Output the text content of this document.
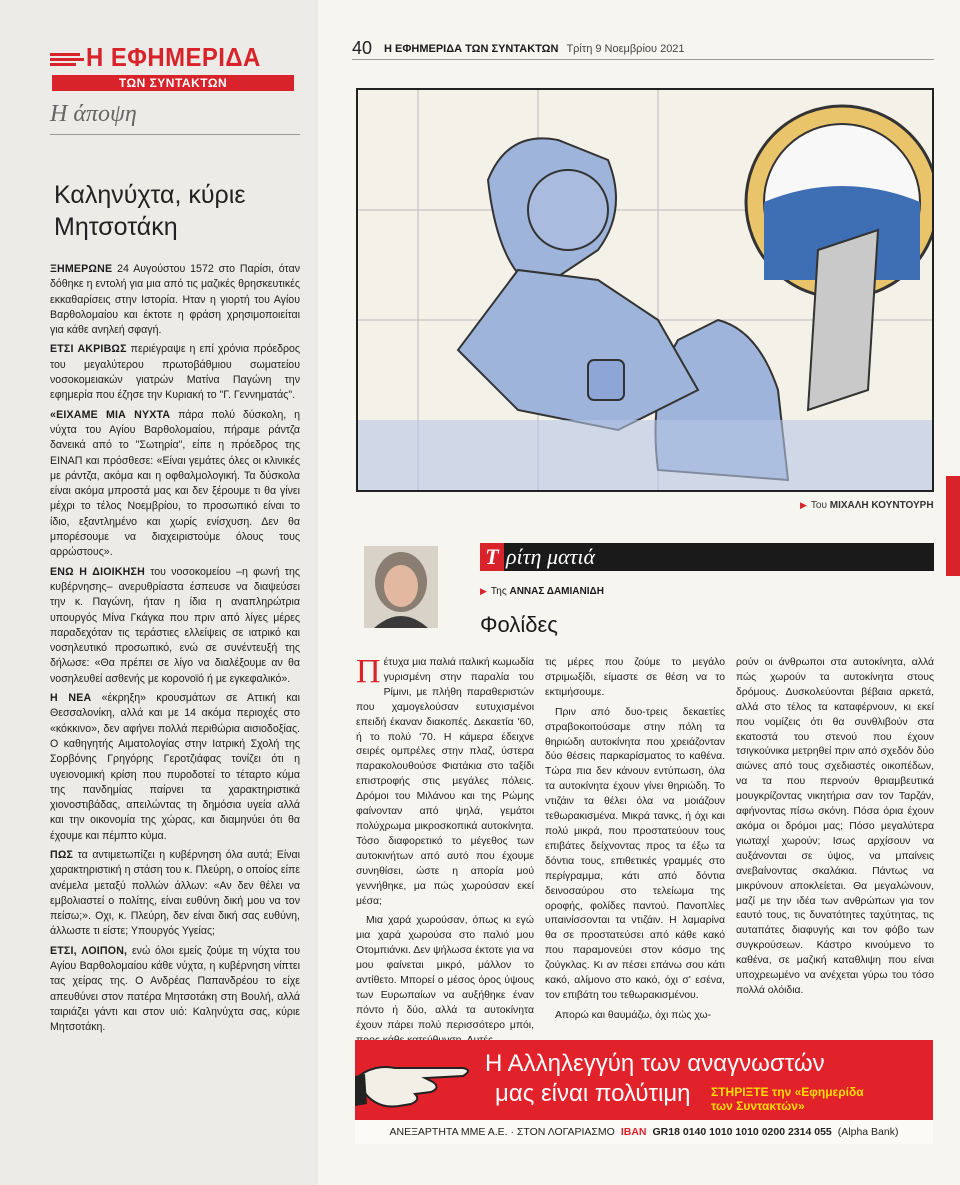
Η ΕΦΗΜΕΡΙΔΑ
ΤΩΝ ΣΥΝΤΑΚΤΩΝ
Η άποψη
Καληνύχτα, κύριε Μητσοτάκη

ΞΗΜΕΡΩΝΕ 24 Αυγούστου 1572 στο Παρίσι, όταν δόθηκε η εντολή για μια από τις μαζικές θρησκευτικές εκκαθαρίσεις στην Ιστορία. Ηταν η γιορτή του Αγίου Βαρθολομαίου και έκτοτε η φράση χρησιμοποιείται για κάθε ανηλεή σφαγή.

ΕΤΣΙ ΑΚΡΙΒΩΣ περιέγραψε η επί χρόνια πρόεδρος του μεγαλύτερου πρωτοβάθμιου σωματείου νοσοκομειακών γιατρών Ματίνα Παγώνη την εφημερία που έζησε την Κυριακή το "Γ. Γεννηματάς".

«ΕΙΧΑΜΕ ΜΙΑ ΝΥΧΤΑ πάρα πολύ δύσκολη, η νύχτα του Αγίου Βαρθολομαίου, πήραμε ράντζα δανεικά από το "Σωτηρία", είπε η πρόεδρος της ΕΙΝΑΠ και πρόσθεσε: «Είναι γεμάτες όλες οι κλινικές με ράντζα, ακόμα και η οφθαλμολογική. Τα δύσκολα είναι ακόμα μπροστά μας και δεν ξέρουμε τι θα γίνει μέχρι το τέλος Νοεμβρίου, το προσωπικό είναι το ίδιο, εξαντλημένο και χωρίς ενίσχυση. Δεν θα μπορέσουμε να διαχειριστούμε όλους τους αρρώστους».

ΕΝΩ Η ΔΙΟΙΚΗΣΗ του νοσοκομείου –η φωνή της κυβέρνησης– ανερυθρίαστα έσπευσε να διαψεύσει την κ. Παγώνη, ήταν η ίδια η αναπληρώτρια υπουργός Μίνα Γκάγκα που πριν από λίγες μέρες παραδεχόταν τις τεράστιες ελλείψεις σε ιατρικό και νοσηλευτικό προσωπικό, ενώ σε συνέντευξή της δήλωσε: «Θα πρέπει σε λίγο να διαλέξουμε αν θα νοσηλευθεί ασθενής με κορονοϊό ή με εγκεφαλικό».

Η ΝΕΑ «έκρηξη» κρουσμάτων σε Αττική και Θεσσαλονίκη, αλλά και με 14 ακόμα περιοχές στο «κόκκινο», δεν αφήνει πολλά περιθώρια αισιοδοξίας. Ο καθηγητής Αιματολογίας στην Ιατρική Σχολή της Σορβόνης Γρηγόρης Γεροτζιάφας τονίζει ότι η υγειονομική κρίση που πυροδοτεί το τέταρτο κύμα της πανδημίας παίρνει τα χαρακτηριστικά χιονοστιβάδας, απειλώντας τη δημόσια υγεία αλλά και την οικονομία της χώρας, και διαμηνύει ότι θα έχουμε και πέμπτο κύμα.

ΠΩΣ τα αντιμετωπίζει η κυβέρνηση όλα αυτά; Είναι χαρακτηριστική η στάση του κ. Πλεύρη, ο οποίος είπε ανέμελα μεταξύ πολλών άλλων: «Αν δεν θέλει να εμβολιαστεί ο πολίτης, είναι ευθύνη δική μου να τον πείσω;». Οχι, κ. Πλεύρη, δεν είναι δική σας ευθύνη, άλλωστε τι είστε; Υπουργός Υγείας;

ΕΤΣΙ, ΛΟΙΠΟΝ, ενώ όλοι εμείς ζούμε τη νύχτα του Αγίου Βαρθολομαίου κάθε νύχτα, η κυβέρνηση νίπτει τας χείρας της. Ο Ανδρέας Παπανδρέου το είχε απευθύνει στον πατέρα Μητσοτάκη στη Βουλή, αλλά ταιριάζει γάντι και στον υιό: Καληνύχτα σας, κύριε Μητσοτάκη.

40 Η ΕΦΗΜΕΡΙΔΑ ΤΩΝ ΣΥΝΤΑΚΤΩΝ Τρίτη 9 Νοεμβρίου 2021
▶ Του ΜΙΧΑΛΗ ΚΟΥΝΤΟΥΡΗ
Τ ρίτη ματιά
▶ Της ΑΝΝΑΣ ΔΑΜΙΑΝΙΔΗ
Φολίδες

Πέτυχα μια παλιά ιταλική κωμωδία γυρισμένη στην παραλία του Ρίμινι, με πλήθη παραθεριστών που χαμογελούσαν ευτυχισμένοι επειδή έκαναν διακοπές. Δεκαετία '60, ή το πολύ '70. Η κάμερα έδειχνε σειρές ομπρέλες στην πλαζ, ύστερα παρακολουθούσε Φιατάκια στο ταξίδι επιστροφής στις μεγάλες πόλεις. Δρόμοι του Μιλάνου και της Ρώμης φαίνονταν από ψηλά, γεμάτοι πολύχρωμα μικροσκοπικά αυτοκίνητα. Τόσο διαφορετικό το μέγεθος των αυτοκινήτων από αυτό που έχουμε συνηθίσει, ώστε η απορία μού γεννήθηκε, μα πώς χωρούσαν εκεί μέσα;

Μια χαρά χωρούσαν, όπως κι εγώ μια χαρά χωρούσα στο παλιό μου Οτομπιάνκι. Δεν ψήλωσα έκτοτε για να μου φαίνεται μικρό, μάλλον το αντίθετο. Μπορεί ο μέσος όρος ύψους των Ευρωπαίων να αυξήθηκε έναν πόντο ή δύο, αλλά τα αυτοκίνητα έχουν πάρει πολύ περισσότερο μπόι,

τις μέρες που ζούμε το μεγάλο στριμωξίδι, είμαστε σε θέση να το εκτιμήσουμε.

Πριν από δυο-τρεις δεκαετίες στραβοκοιτούσαμε στην πόλη τα θηριώδη αυτοκίνητα που χρειάζονταν δύο θέσεις παρκαρίσματος το καθένα. Τώρα πια δεν κάνουν εντύπωση, όλα τα αυτοκίνητα έχουν γίνει θηριώδη. Το ντιζάιν τα θέλει όλα να μοιάζουν τεθωρακισμένα. Μικρά τανκς, ή όχι και πολύ μικρά, που προστατεύουν τους επιβάτες δείχνοντας προς τα έξω τα δόντια τους, επιθετικές γραμμές στο περίγραμμα, κάτι από δόντια δεινοσαύρου στο τελείωμα της οροφής, φολίδες παντού. Πανοπλίες υπαινίσσονται τα ντιζάιν. Η λαμαρίνα θα σε προστατεύσει από κάθε κακό που παραμονεύει στον κόσμο της ζούγκλας. Κι αν πέσει επάνω σου κάτι κακό, αλίμονο στο κακό, όχι σ' εσένα, τον επιβάτη του τεθωρακισμένου.

Απορώ και θαυμάζω, όχι πώς χω-

ρούν οι άνθρωποι στα αυτοκίνητα, αλλά πώς χωρούν τα αυτοκίνητα στους δρόμους. Δυσκολεύονται βέβαια αρκετά, αλλά στο τέλος τα καταφέρνουν, κι εκεί που νομίζεις ότι θα συνθλιβούν στα εκατοστά του στενού που έχουν τσιγκούνικα μετρηθεί πριν από σχεδόν δύο αιώνες από τους σχεδιαστές οικοπέδων, να τα που περνούν θριαμβευτικά μουγκρίζοντας νικητήρια σαν τον Ταρζάν, αφήνοντας πίσω σκόνη. Πόσα όρια έχουν ακόμα οι δρόμοι μας; Πόσο μεγαλύτερα γιωταχί χωρούν; Ισως αρχίσουν να αυξάνονται σε ύψος, να μπαίνεις ανεβαίνοντας σκαλάκια. Πάντως να μικρύνουν αποκλείεται. Θα μεγαλώνουν, μαζί με την ιδέα των ανθρώπων για τον εαυτό τους, τις δυνατότητες ταχύτητας, τις αυταπάτες διαφυγής και τον φόβο των συγκρούσεων. Κάστρο κινούμενο το καθένα, σε μαζική καταθλιψη που είναι υποχρεωμένο να ανέχεται γύρω του τόσο πολλά ολόιδια.

Η Αλληλεγγύη των αναγνωστών
μας είναι πολύτιμη ΣΤΗΡΙΞΤΕ την «Εφημερίδα
των Συντακτών»
ΑΝΕΞΑΡΤΗΤΑ ΜΜΕ Α.Ε. · ΣΤΟΝ ΛΟΓΑΡΙΑΣΜΟ IBAN GR18 0140 1010 1010 0200 2314 055 (Alpha Bank)
